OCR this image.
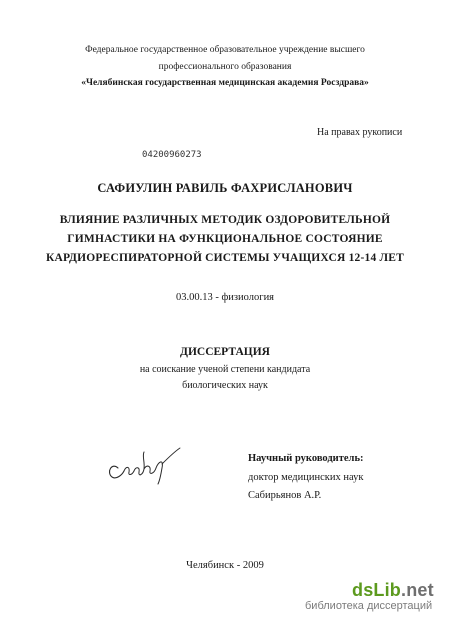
Федеральное государственное образовательное учреждение высшего
профессионального образования
«Челябинская государственная медицинская академия Росздрава»
На правах рукописи
04200960273
САФИУЛИН РАВИЛЬ ФАХРИСЛАНОВИЧ
ВЛИЯНИЕ РАЗЛИЧНЫХ МЕТОДИК ОЗДОРОВИТЕЛЬНОЙ
ГИМНАСТИКИ НА ФУНКЦИОНАЛЬНОЕ СОСТОЯНИЕ
КАРДИОРЕСПИРАТОРНОЙ СИСТЕМЫ УЧАЩИХСЯ 12-14 ЛЕТ
03.00.13 - физиология
ДИССЕРТАЦИЯ
на соискание ученой степени кандидата
биологических наук
Научный руководитель:
доктор медицинских наук
Сабирьянов А.Р.
Челябинск - 2009
dsLib.net
библиотека диссертаций
